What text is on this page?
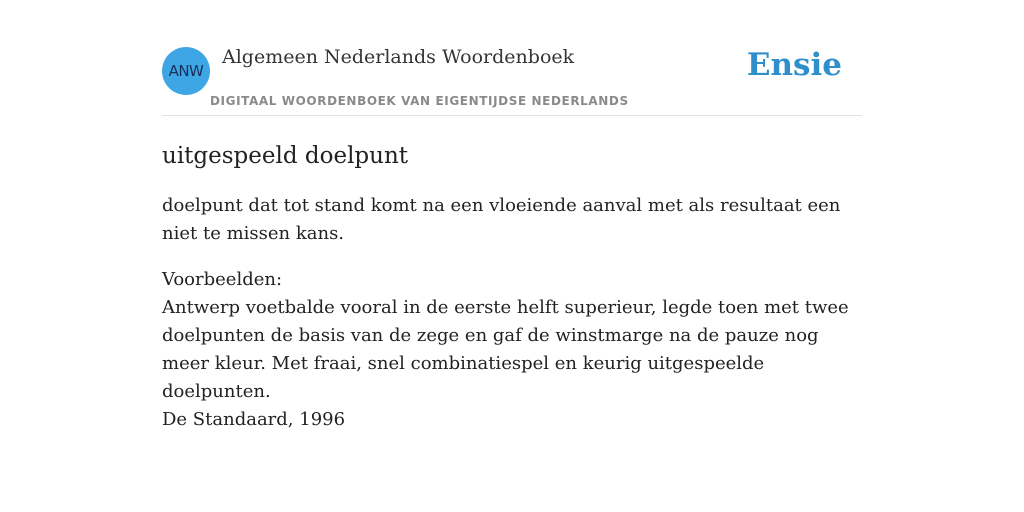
ANW
Algemeen Nederlands Woordenboek
DIGITAAL WOORDENBOEK VAN EIGENTIJDSE NEDERLANDS
Ensie
uitgespeeld doelpunt

doelpunt dat tot stand komt na een vloeiende aanval met als resultaat een niet te missen kans.

Voorbeelden:
Antwerp voetbalde vooral in de eerste helft superieur, legde toen met twee doelpunten de basis van de zege en gaf de winstmarge na de pauze nog meer kleur. Met fraai, snel combinatiespel en keurig uitgespeelde doelpunten.
De Standaard, 1996
